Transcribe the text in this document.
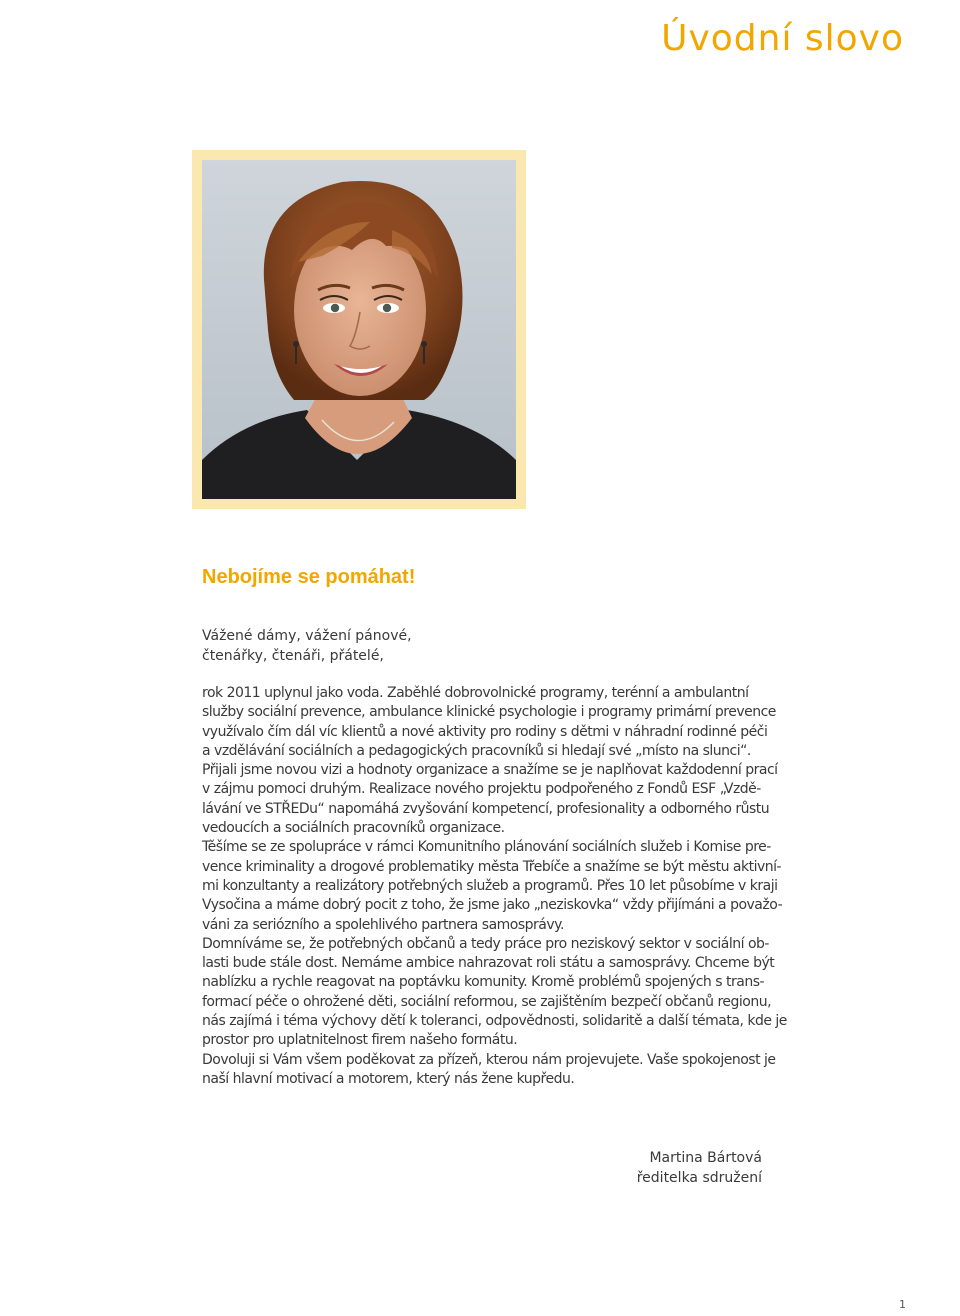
Úvodní slovo
Nebojíme se pomáhat!
Vážené dámy, vážení pánové,
čtenářky, čtenáři, přátelé,
rok 2011 uplynul jako voda. Zaběhlé dobrovolnické programy, terénní a ambulantní
služby sociální prevence, ambulance klinické psychologie i programy primární prevence
využívalo čím dál víc klientů a nové aktivity pro rodiny s dětmi v náhradní rodinné péči
a vzdělávání sociálních a pedagogických pracovníků si hledají své „místo na slunci“.
Přijali jsme novou vizi a hodnoty organizace a snažíme se je naplňovat každodenní prací
v zájmu pomoci druhým. Realizace nového projektu podpořeného z Fondů ESF „Vzdě-
lávání ve STŘEDu“ napomáhá zvyšování kompetencí, profesionality a odborného růstu
vedoucích a sociálních pracovníků organizace.
Těšíme se ze spolupráce v rámci Komunitního plánování sociálních služeb i Komise pre-
vence kriminality a drogové problematiky města Třebíče a snažíme se být městu aktivní-
mi konzultanty a realizátory potřebných služeb a programů. Přes 10 let působíme v kraji
Vysočina a máme dobrý pocit z toho, že jsme jako „neziskovka“ vždy přijímáni a považo-
váni za seriózního a spolehlivého partnera samosprávy.
Domníváme se, že potřebných občanů a tedy práce pro neziskový sektor v sociální ob-
lasti bude stále dost. Nemáme ambice nahrazovat roli státu a samosprávy. Chceme být
nablízku a rychle reagovat na poptávku komunity. Kromě problémů spojených s trans-
formací péče o ohrožené děti, sociální reformou, se zajištěním bezpečí občanů regionu,
nás zajímá i téma výchovy dětí k toleranci, odpovědnosti, solidaritě a další témata, kde je
prostor pro uplatnitelnost firem našeho formátu.
Dovoluji si Vám všem poděkovat za přízeň, kterou nám projevujete. Vaše spokojenost je
naší hlavní motivací a motorem, který nás žene kupředu.
Martina Bártová
ředitelka sdružení
1
